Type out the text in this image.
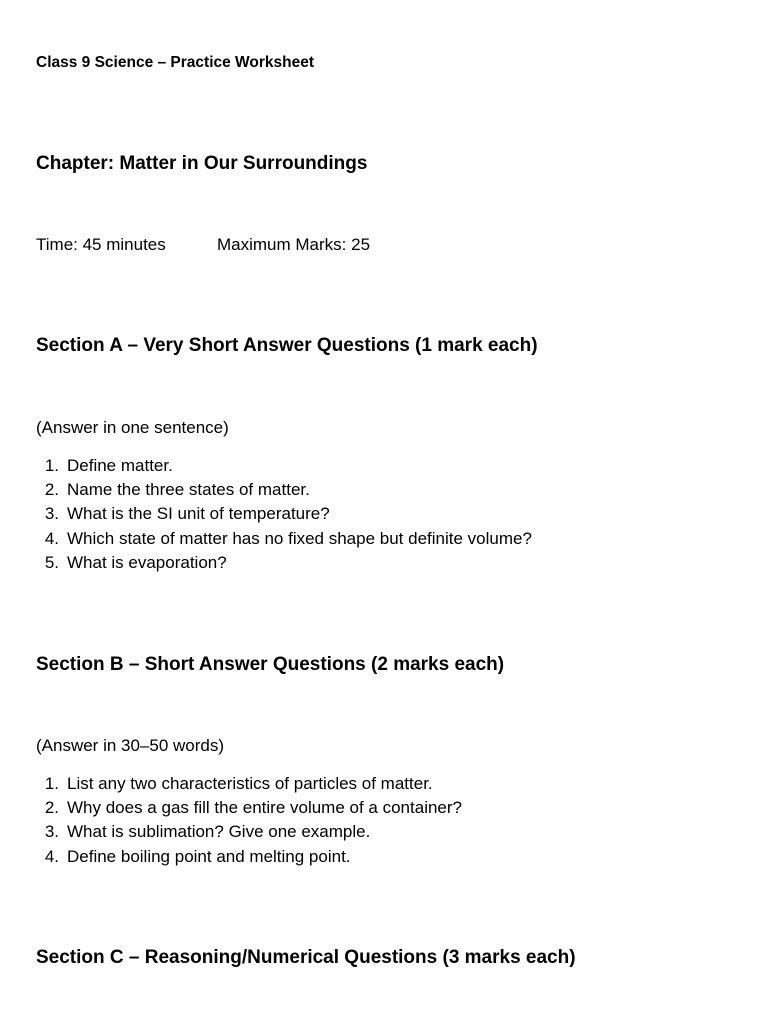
Class 9 Science – Practice Worksheet

Chapter: Matter in Our Surroundings

Time: 45 minutes	Maximum Marks: 25

Section A – Very Short Answer Questions (1 mark each)

(Answer in one sentence)

1. Define matter.
2. Name the three states of matter.
3. What is the SI unit of temperature?
4. Which state of matter has no fixed shape but definite volume?
5. What is evaporation?

Section B – Short Answer Questions (2 marks each)

(Answer in 30–50 words)

1. List any two characteristics of particles of matter.
2. Why does a gas fill the entire volume of a container?
3. What is sublimation? Give one example.
4. Define boiling point and melting point.

Section C – Reasoning/Numerical Questions (3 marks each)
